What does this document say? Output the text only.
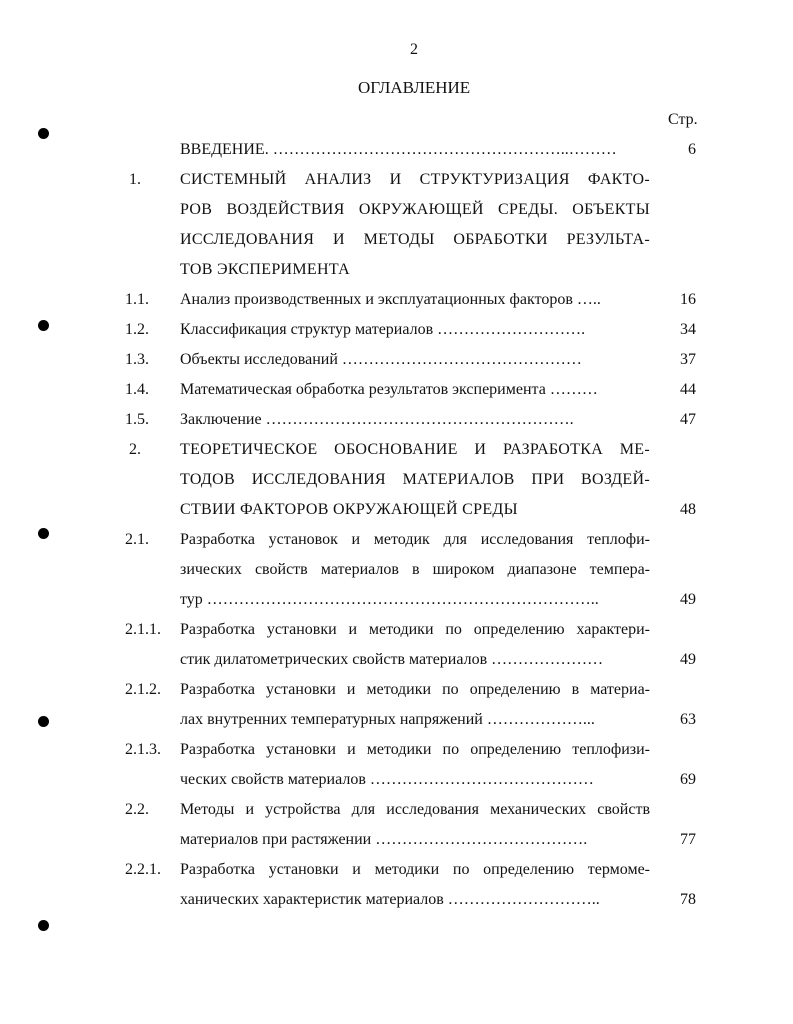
2
ОГЛАВЛЕНИЕ
Стр.
ВВЕДЕНИЕ. ………………………………………………..………	6
1. СИСТЕМНЫЙ АНАЛИЗ И СТРУКТУРИЗАЦИЯ ФАКТО-
РОВ ВОЗДЕЙСТВИЯ ОКРУЖАЮЩЕЙ СРЕДЫ. ОБЪЕКТЫ
ИССЛЕДОВАНИЯ И МЕТОДЫ ОБРАБОТКИ РЕЗУЛЬТА-
ТОВ ЭКСПЕРИМЕНТА
1.1. Анализ производственных и эксплуатационных факторов …..	16
1.2. Классификация структур материалов ……………………….	34
1.3. Объекты исследований ………………………………………	37
1.4. Математическая обработка результатов эксперимента ………	44
1.5. Заключение ………………………………………………….	47
2. ТЕОРЕТИЧЕСКОЕ ОБОСНОВАНИЕ И РАЗРАБОТКА МЕ-
ТОДОВ ИССЛЕДОВАНИЯ МАТЕРИАЛОВ ПРИ ВОЗДЕЙ-
СТВИИ ФАКТОРОВ ОКРУЖАЮЩЕЙ СРЕДЫ	48
2.1. Разработка установок и методик для исследования теплофи-
зических свойств материалов в широком диапазоне темпера-
тур ………………………………………………………………..	49
2.1.1. Разработка установки и методики по определению характери-
стик дилатометрических свойств материалов …………………	49
2.1.2. Разработка установки и методики по определению в материа-
лах внутренних температурных напряжений ………………...	63
2.1.3. Разработка установки и методики по определению теплофизи-
ческих свойств материалов ……………………………………	69
2.2. Методы и устройства для исследования механических свойств
материалов при растяжении ………………………………….	77
2.2.1. Разработка установки и методики по определению термоме-
ханических характеристик материалов ………………………..	78
